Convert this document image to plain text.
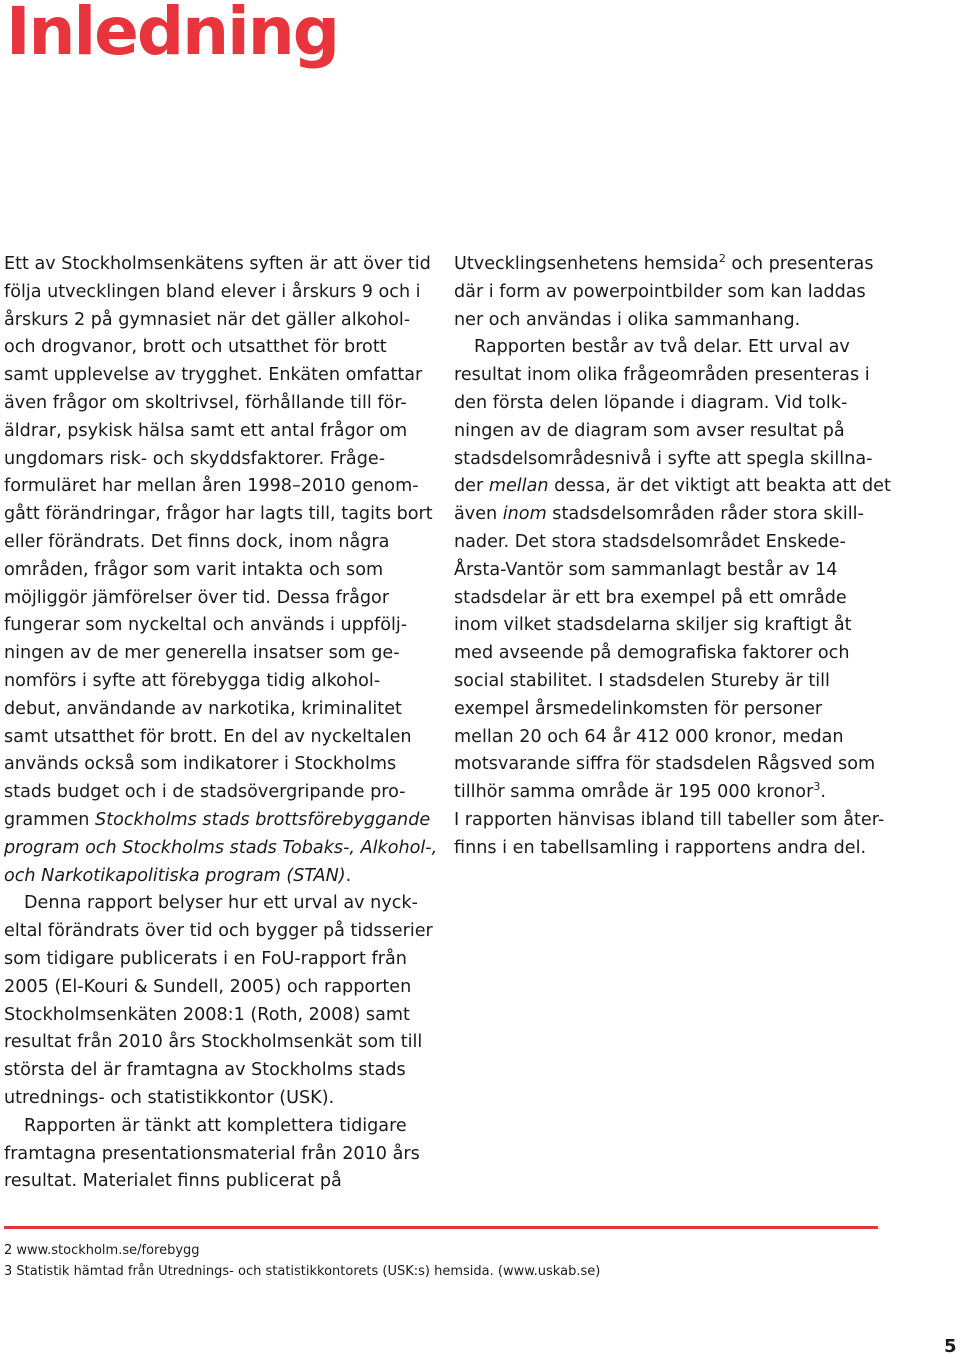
Inledning
Ett av Stockholmsenkätens syften är att över tid
följa utvecklingen bland elever i årskurs 9 och i
årskurs 2 på gymnasiet när det gäller alkohol-
och drogvanor, brott och utsatthet för brott
samt upplevelse av trygghet. Enkäten omfattar
även frågor om skoltrivsel, förhållande till för-
äldrar, psykisk hälsa samt ett antal frågor om
ungdomars risk- och skyddsfaktorer. Fråge-
formuläret har mellan åren 1998–2010 genom-
gått förändringar, frågor har lagts till, tagits bort
eller förändrats. Det finns dock, inom några
områden, frågor som varit intakta och som
möjliggör jämförelser över tid. Dessa frågor
fungerar som nyckeltal och används i uppfölj-
ningen av de mer generella insatser som ge-
nomförs i syfte att förebygga tidig alkohol-
debut, användande av narkotika, kriminalitet
samt utsatthet för brott. En del av nyckeltalen
används också som indikatorer i Stockholms
stads budget och i de stadsövergripande pro-
grammen Stockholms stads brottsförebyggande
program och Stockholms stads Tobaks-, Alkohol-,
och Narkotikapolitiska program (STAN).
Denna rapport belyser hur ett urval av nyck-
eltal förändrats över tid och bygger på tidsserier
som tidigare publicerats i en FoU-rapport från
2005 (El-Kouri & Sundell, 2005) och rapporten
Stockholmsenkäten 2008:1 (Roth, 2008) samt
resultat från 2010 års Stockholmsenkät som till
största del är framtagna av Stockholms stads
utrednings- och statistikkontor (USK).
Rapporten är tänkt att komplettera tidigare
framtagna presentationsmaterial från 2010 års
resultat. Materialet finns publicerat på
Utvecklingsenhetens hemsida$^2$ och presenteras
där i form av powerpointbilder som kan laddas
ner och användas i olika sammanhang.
Rapporten består av två delar. Ett urval av
resultat inom olika frågeområden presenteras i
den första delen löpande i diagram. Vid tolk-
ningen av de diagram som avser resultat på
stadsdelsområdesnivå i syfte att spegla skillna-
der mellan dessa, är det viktigt att beakta att det
även inom stadsdelsområden råder stora skill-
nader. Det stora stadsdelsområdet Enskede-
Årsta-Vantör som sammanlagt består av 14
stadsdelar är ett bra exempel på ett område
inom vilket stadsdelarna skiljer sig kraftigt åt
med avseende på demografiska faktorer och
social stabilitet. I stadsdelen Stureby är till
exempel årsmedelinkomsten för personer
mellan 20 och 64 år 412 000 kronor, medan
motsvarande siffra för stadsdelen Rågsved som
tillhör samma område är 195 000 kronor$^3$.
I rapporten hänvisas ibland till tabeller som åter-
finns i en tabellsamling i rapportens andra del.
2 www.stockholm.se/forebygg
3 Statistik hämtad från Utrednings- och statistikkontorets (USK:s) hemsida. (www.uskab.se)
5
